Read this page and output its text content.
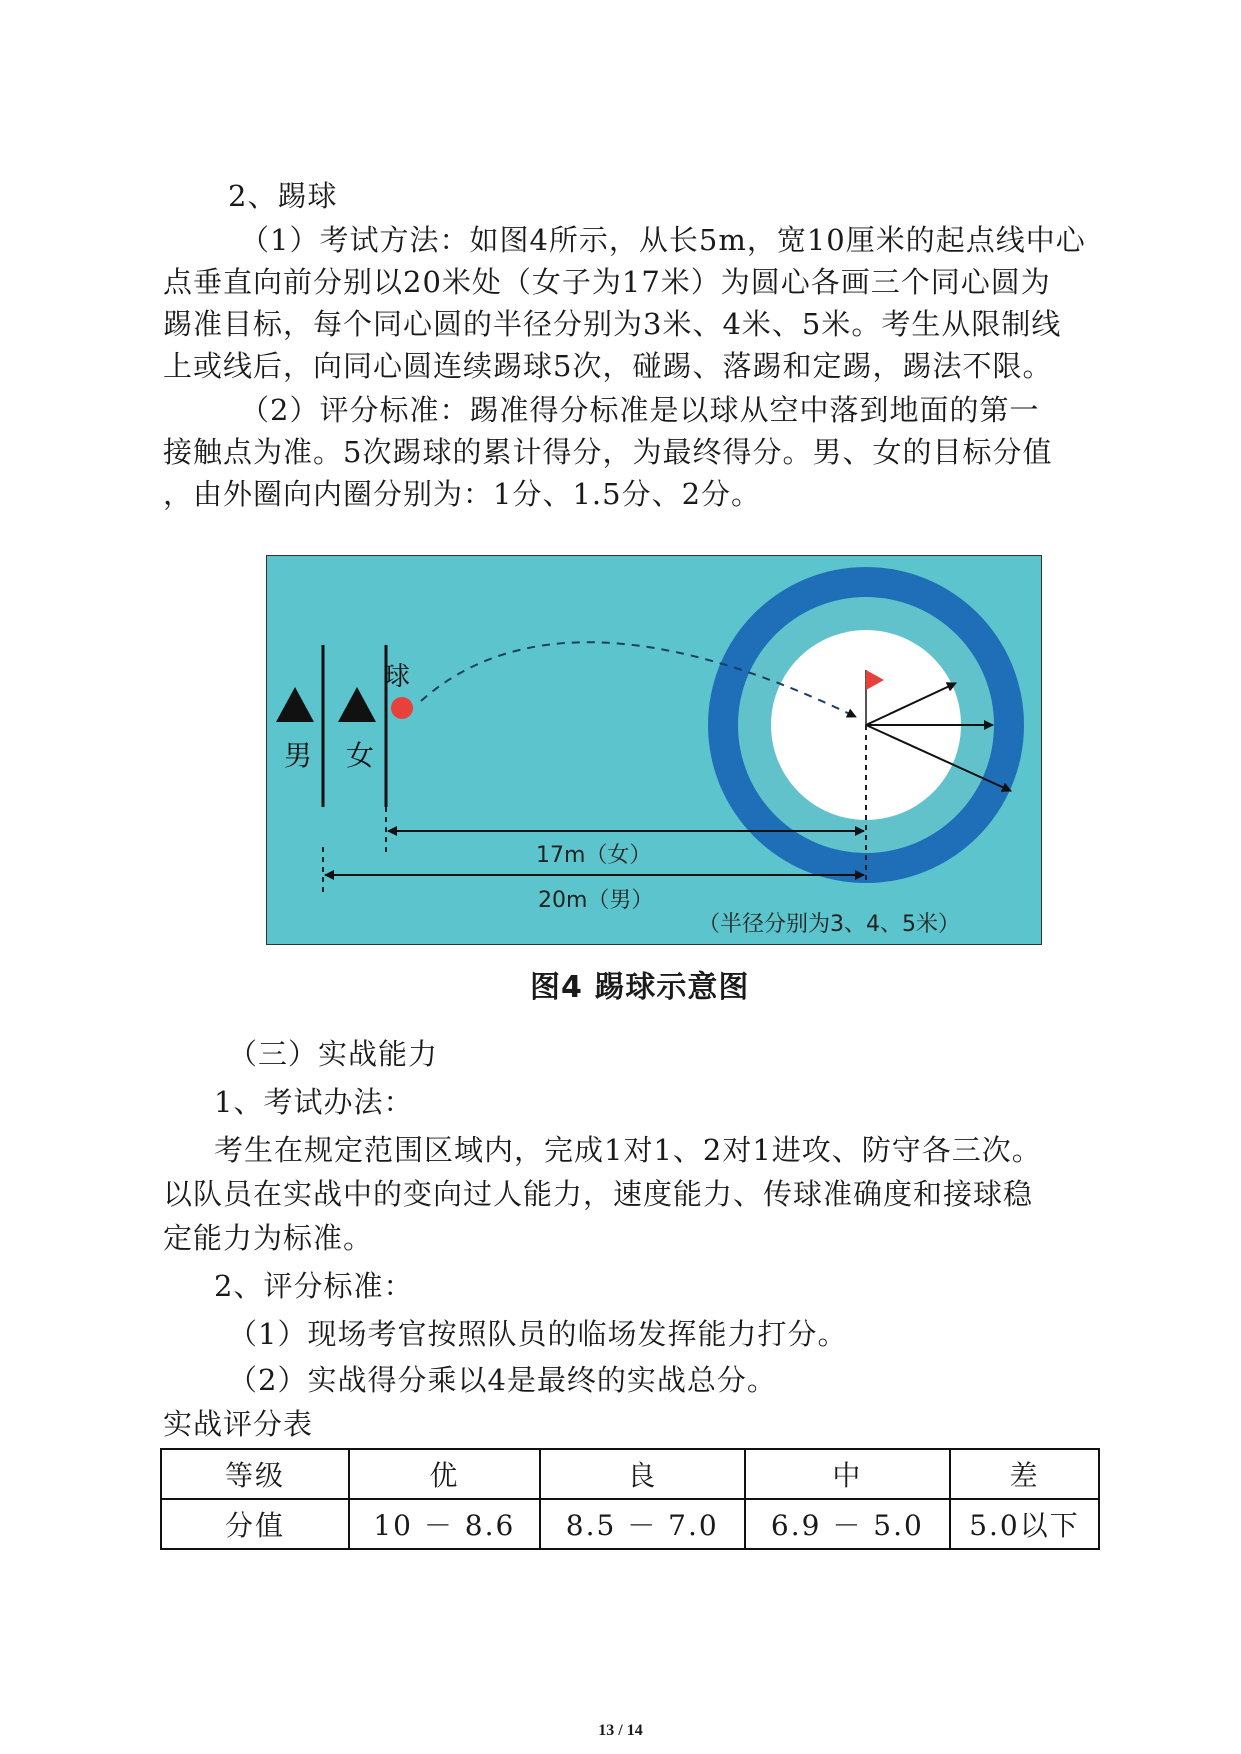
2、踢球
（1）考试方法：如图4所示，从长5m，宽10厘米的起点线中心
点垂直向前分别以20米处（女子为17米）为圆心各画三个同心圆为
踢准目标，每个同心圆的半径分别为3米、4米、5米。考生从限制线
上或线后，向同心圆连续踢球5次，碰踢、落踢和定踢，踢法不限。
（2）评分标准：踢准得分标准是以球从空中落到地面的第一
接触点为准。5次踢球的累计得分，为最终得分。男、女的目标分值
，由外圈向内圈分别为：1分、1.5分、2分。
男 女
球
17m（女）
20m（男）
（半径分别为3、4、5米）
图4 踢球示意图
（三）实战能力
1、考试办法：
考生在规定范围区域内，完成1对1、2对1进攻、防守各三次。
以队员在实战中的变向过人能力，速度能力、传球准确度和接球稳
定能力为标准。
2、评分标准：
（1）现场考官按照队员的临场发挥能力打分。
（2）实战得分乘以4是最终的实战总分。
实战评分表
等级	优	良	中	差
分值	10 － 8.6	8.5 － 7.0	6.9 － 5.0	5.0以下
13 / 14
